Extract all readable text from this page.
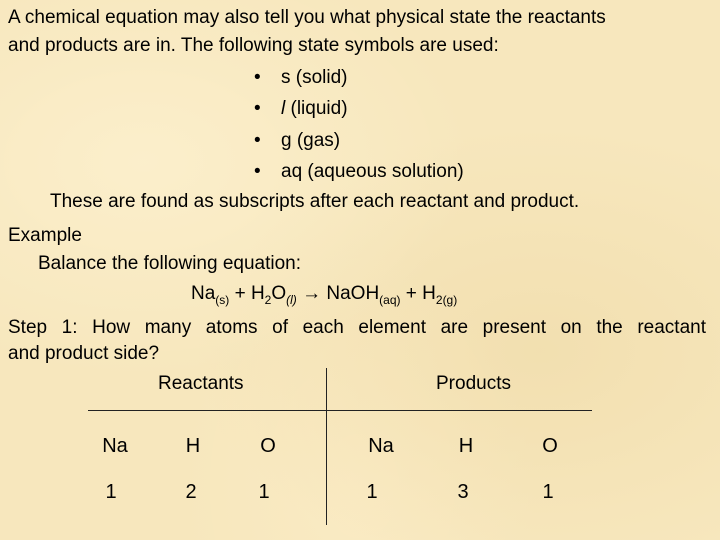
A chemical equation may also tell you what physical state the reactants
and products are in. The following state symbols are used:
• s (solid)
• l (liquid)
• g (gas)
• aq (aqueous solution)
These are found as subscripts after each reactant and product.
Example
Balance the following equation:
$Na_{(s)} + H_2O_{(l)}$ → NaOH$_{(aq)}$ + $H_{2(g)}$
Step 1: How many atoms of each element are present on the reactant
and product side?
Reactants	Products
Na	H	O	Na	H	O
1	2	1	1	3	1
